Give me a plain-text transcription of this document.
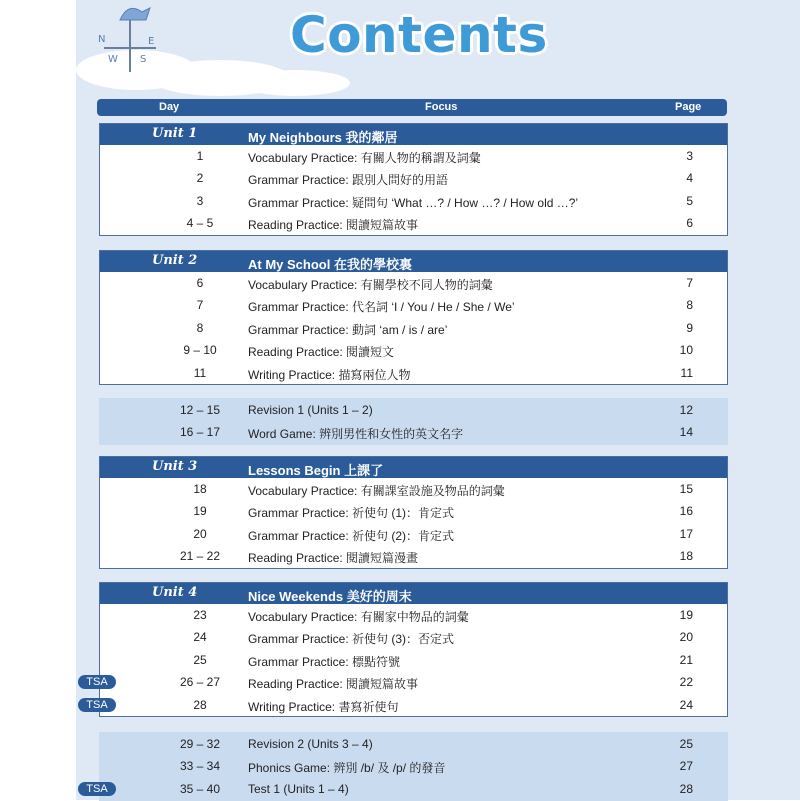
N	E
W S	Contents
Day	Focus	Page
Unit 1	My Neighbours 我的鄰居
1	Vocabulary Practice: 有關人物的稱謂及詞彙	3
2	Grammar Practice: 跟別人問好的用語	4
3	Grammar Practice: 疑問句 ‘What …? / How …? / How old …?’	5
4 – 5	Reading Practice: 閱讀短篇故事	6
Unit 2	At My School 在我的學校裏
6	Vocabulary Practice: 有關學校不同人物的詞彙	7
7	Grammar Practice: 代名詞 ‘I / You / He / She / We’	8
8	Grammar Practice: 動詞 ‘am / is / are’	9
9 – 10	Reading Practice: 閱讀短文	10
11	Writing Practice: 描寫兩位人物	11
12 – 15	Revision 1 (Units 1 – 2)	12
16 – 17	Word Game: 辨別男性和女性的英文名字	14
Unit 3	Lessons Begin 上課了
18	Vocabulary Practice: 有關課室設施及物品的詞彙	15
19	Grammar Practice: 祈使句 (1)：肯定式	16
20	Grammar Practice: 祈使句 (2)：肯定式	17
21 – 22	Reading Practice: 閱讀短篇漫畫	18
Unit 4	Nice Weekends 美好的周末
23	Vocabulary Practice: 有關家中物品的詞彙	19
24	Grammar Practice: 祈使句 (3)：否定式	20
25	Grammar Practice: 標點符號	21
TSA	26 – 27	Reading Practice: 閱讀短篇故事	22
TSA	28	Writing Practice: 書寫祈使句	24
29 – 32	Revision 2 (Units 3 – 4)	25
33 – 34	Phonics Game: 辨別 /b/ 及 /p/ 的發音	27
TSA	35 – 40	Test 1 (Units 1 – 4)	28
